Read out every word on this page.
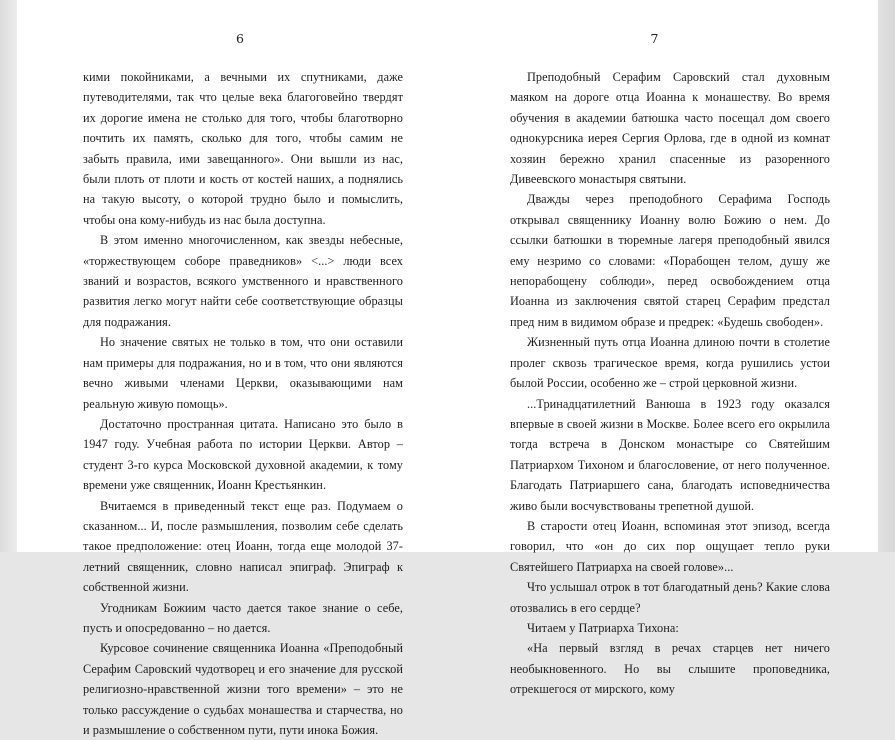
6

кими покойниками, а вечными их спутниками, даже путеводителями, так что целые века благоговейно твердят их дорогие имена не столько для того, чтобы благотворно почтить их память, сколько для того, чтобы самим не забыть правила, ими завещанного». Они вышли из нас, были плоть от плоти и кость от костей наших, а поднялись на такую высоту, о которой трудно было и помыслить, чтобы она кому-нибудь из нас была доступна.

В этом именно многочисленном, как звезды небесные, «торжествующем соборе праведников» <...> люди всех званий и возрастов, всякого умственного и нравственного развития легко могут найти себе соответствующие образцы для подражания.

Но значение святых не только в том, что они оставили нам примеры для подражания, но и в том, что они являются вечно живыми членами Церкви, оказывающими нам реальную живую помощь».

Достаточно пространная цитата. Написано это было в 1947 году. Учебная работа по истории Церкви. Автор – студент 3-го курса Московской духовной академии, к тому времени уже священник, Иоанн Крестьянкин.

Вчитаемся в приведенный текст еще раз. Подумаем о сказанном... И, после размышления, позволим себе сделать такое предположение: отец Иоанн, тогда еще молодой 37-летний священник, словно написал эпиграф. Эпиграф к собственной жизни.

Угодникам Божиим часто дается такое знание о себе, пусть и опосредованно – но дается.

Курсовое сочинение священника Иоанна «Преподобный Серафим Саровский чудотворец и его значение для русской религиозно-нравственной жизни того времени» – это не только рассуждение о судьбах монашества и старчества, но и размышление о собственном пути, пути инока Божия.

7

Преподобный Серафим Саровский стал духовным маяком на дороге отца Иоанна к монашеству. Во время обучения в академии батюшка часто посещал дом своего однокурсника иерея Сергия Орлова, где в одной из комнат хозяин бережно хранил спасенные из разоренного Дивеевского монастыря святыни.

Дважды через преподобного Серафима Господь открывал священнику Иоанну волю Божию о нем. До ссылки батюшки в тюремные лагеря преподобный явился ему незримо со словами: «Порабощен телом, душу же непорабощену соблюди», перед освобождением отца Иоанна из заключения святой старец Серафим предстал пред ним в видимом образе и предрек: «Будешь свободен».

Жизненный путь отца Иоанна длиною почти в столетие пролег сквозь трагическое время, когда рушились устои былой России, особенно же – строй церковной жизни.

...Тринадцатилетний Ванюша в 1923 году оказался впервые в своей жизни в Москве. Более всего его окрылила тогда встреча в Донском монастыре со Святейшим Патриархом Тихоном и благословение, от него полученное. Благодать Патриаршего сана, благодать исповедничества живо были восчувствованы трепетной душой.

В старости отец Иоанн, вспоминая этот эпизод, всегда говорил, что «он до сих пор ощущает тепло руки Святейшего Патриарха на своей голове»...

Что услышал отрок в тот благодатный день? Какие слова отозвались в его сердце?

Читаем у Патриарха Тихона:

«На первый взгляд в речах старцев нет ничего необыкновенного. Но вы слышите проповедника, отрекшегося от мирского, кому
